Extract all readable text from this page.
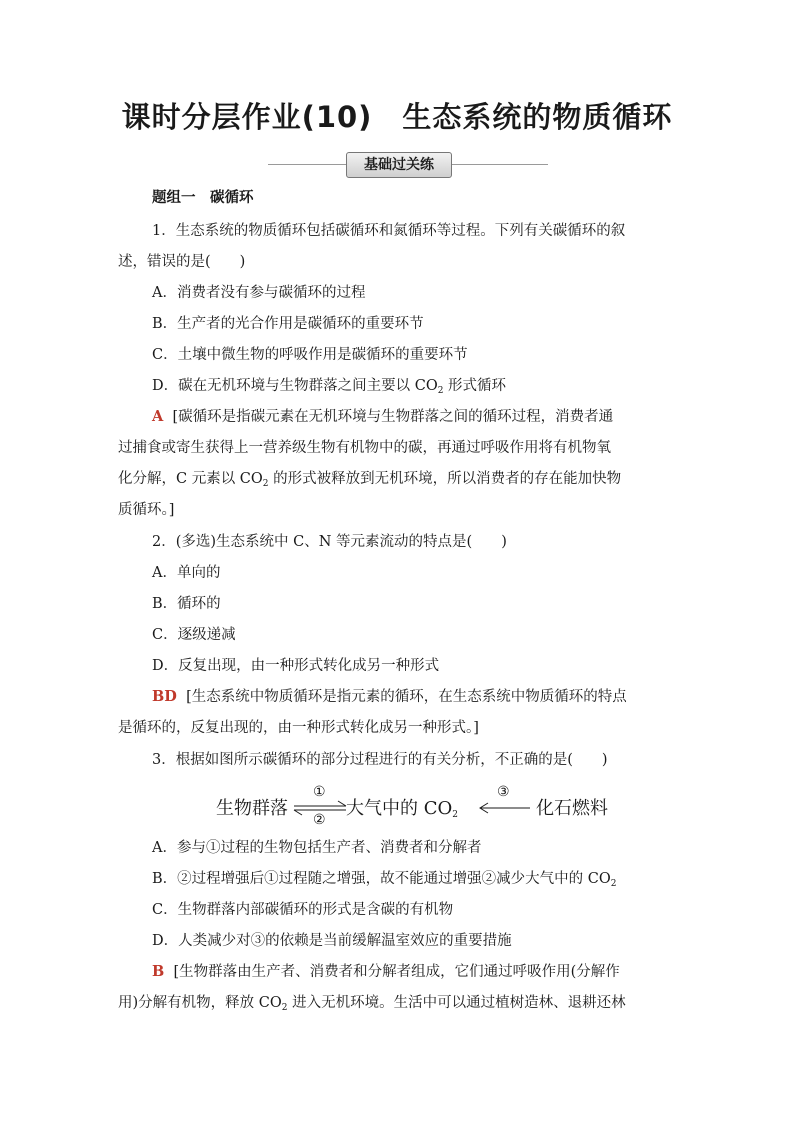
课时分层作业(10)　生态系统的物质循环
基础过关练
题组一　碳循环
1．生态系统的物质循环包括碳循环和氮循环等过程。下列有关碳循环的叙
述，错误的是(　　)
A．消费者没有参与碳循环的过程
B．生产者的光合作用是碳循环的重要环节
C．土壤中微生物的呼吸作用是碳循环的重要环节
D．碳在无机环境与生物群落之间主要以 $CO_2$ 形式循环
A [碳循环是指碳元素在无机环境与生物群落之间的循环过程，消费者通
过捕食或寄生获得上一营养级生物有机物中的碳，再通过呼吸作用将有机物氧
化分解，C 元素以 $CO_2$ 的形式被释放到无机环境，所以消费者的存在能加快物
质循环。]
2．(多选)生态系统中 C、N 等元素流动的特点是(　　)
A．单向的
B．循环的
C．逐级递减
D．反复出现，由一种形式转化成另一种形式
BD [生态系统中物质循环是指元素的循环，在生态系统中物质循环的特点
是循环的，反复出现的，由一种形式转化成另一种形式。]
3．根据如图所示碳循环的部分过程进行的有关分析，不正确的是(　　)
生物群落
①
②
大气中的 $CO_2$
③
化石燃料
A．参与①过程的生物包括生产者、消费者和分解者
B．②过程增强后①过程随之增强，故不能通过增强②减少大气中的 $CO_2$
C．生物群落内部碳循环的形式是含碳的有机物
D．人类减少对③的依赖是当前缓解温室效应的重要措施
B [生物群落由生产者、消费者和分解者组成，它们通过呼吸作用(分解作
用)分解有机物，释放 $CO_2$ 进入无机环境。生活中可以通过植树造林、退耕还林
